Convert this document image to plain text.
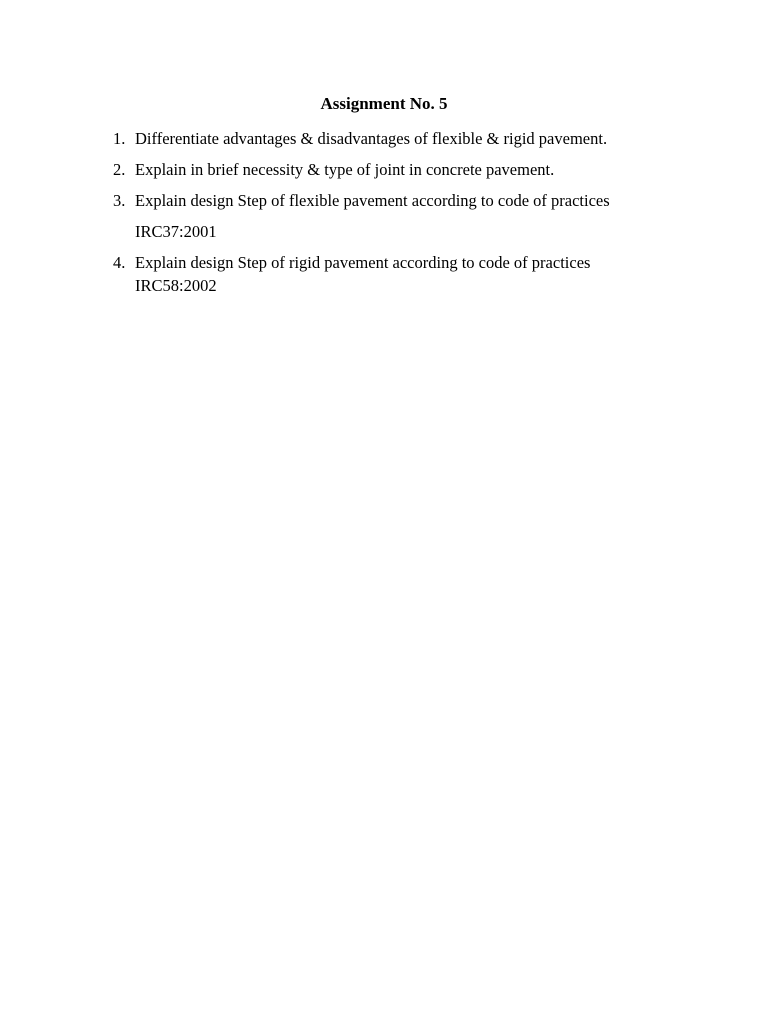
Assignment No. 5
1. Differentiate advantages & disadvantages of flexible & rigid pavement.
2. Explain in brief necessity & type of joint in concrete pavement.
3. Explain design Step of flexible pavement according to code of practices
IRC37:2001
4. Explain design Step of rigid pavement according to code of practices
IRC58:2002
